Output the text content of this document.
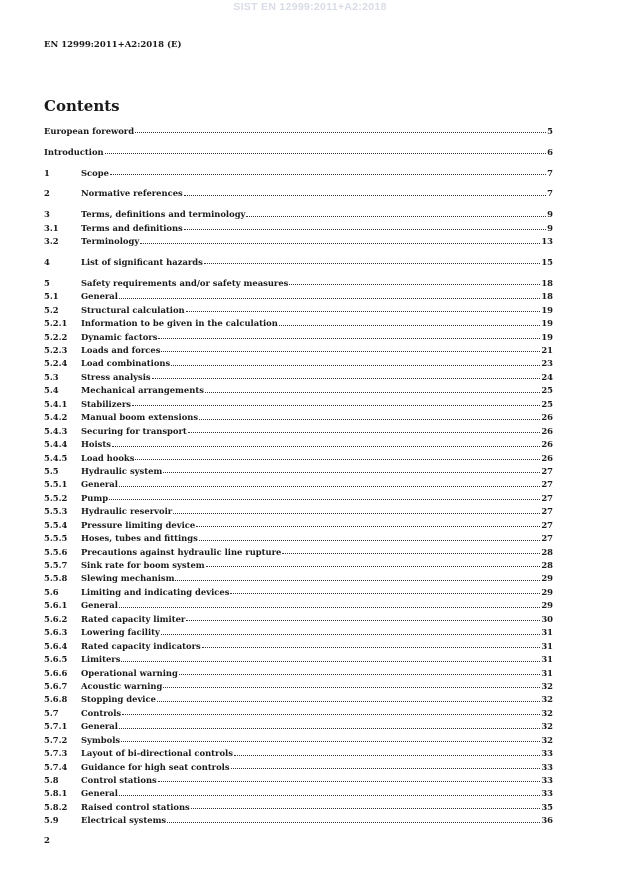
SIST EN 12999:2011+A2:2018
EN 12999:2011+A2:2018 (E)
Contents
European foreword	5
Introduction	6
1	Scope	7
2	Normative references	7
3	Terms, definitions and terminology	9
3.1	Terms and definitions	9
3.2	Terminology	13
4	List of significant hazards	15
5	Safety requirements and/or safety measures	18
5.1	General	18
5.2	Structural calculation	19
5.2.1	Information to be given in the calculation	19
5.2.2	Dynamic factors	19
5.2.3	Loads and forces	21
5.2.4	Load combinations	23
5.3	Stress analysis	24
5.4	Mechanical arrangements	25
5.4.1	Stabilizers	25
5.4.2	Manual boom extensions	26
5.4.3	Securing for transport	26
5.4.4	Hoists	26
5.4.5	Load hooks	26
5.5	Hydraulic system	27
5.5.1	General	27
5.5.2	Pump	27
5.5.3	Hydraulic reservoir	27
5.5.4	Pressure limiting device	27
5.5.5	Hoses, tubes and fittings	27
5.5.6	Precautions against hydraulic line rupture	28
5.5.7	Sink rate for boom system	28
5.5.8	Slewing mechanism	29
5.6	Limiting and indicating devices	29
5.6.1	General	29
5.6.2	Rated capacity limiter	30
5.6.3	Lowering facility	31
5.6.4	Rated capacity indicators	31
5.6.5	Limiters	31
5.6.6	Operational warning	31
5.6.7	Acoustic warning	32
5.6.8	Stopping device	32
5.7	Controls	32
5.7.1	General	32
5.7.2	Symbols	32
5.7.3	Layout of bi-directional controls	33
5.7.4	Guidance for high seat controls	33
5.8	Control stations	33
5.8.1	General	33
5.8.2	Raised control stations	35
5.9	Electrical systems	36
2
